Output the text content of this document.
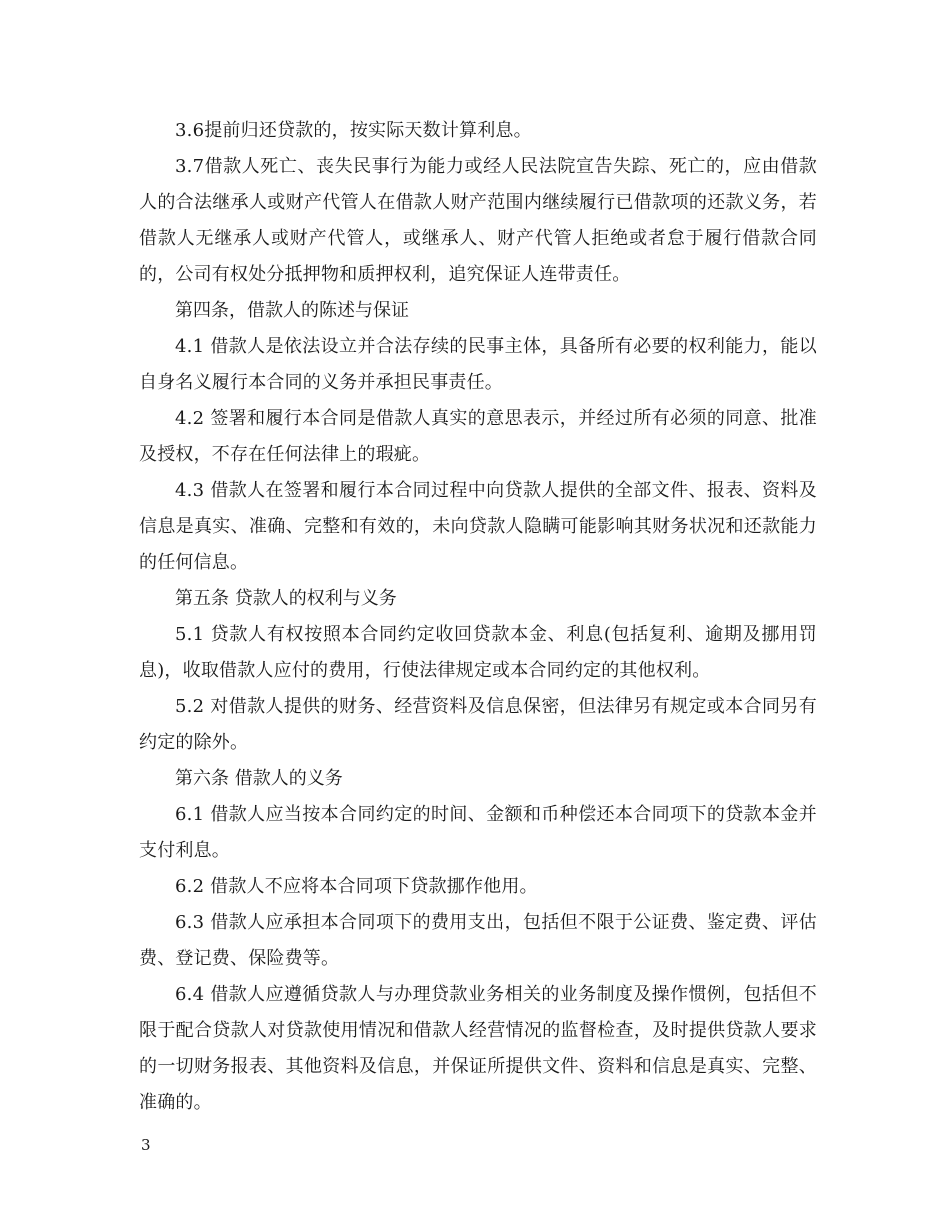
3.6提前归还贷款的，按实际天数计算利息。

3.7借款人死亡、丧失民事行为能力或经人民法院宣告失踪、死亡的，应由借款人的合法继承人或财产代管人在借款人财产范围内继续履行已借款项的还款义务，若借款人无继承人或财产代管人，或继承人、财产代管人拒绝或者怠于履行借款合同的，公司有权处分抵押物和质押权利，追究保证人连带责任。

第四条，借款人的陈述与保证

4.1 借款人是依法设立并合法存续的民事主体，具备所有必要的权利能力，能以自身名义履行本合同的义务并承担民事责任。

4.2 签署和履行本合同是借款人真实的意思表示，并经过所有必须的同意、批准及授权，不存在任何法律上的瑕疵。

4.3 借款人在签署和履行本合同过程中向贷款人提供的全部文件、报表、资料及信息是真实、准确、完整和有效的，未向贷款人隐瞒可能影响其财务状况和还款能力的任何信息。

第五条 贷款人的权利与义务

5.1 贷款人有权按照本合同约定收回贷款本金、利息(包括复利、逾期及挪用罚息)，收取借款人应付的费用，行使法律规定或本合同约定的其他权利。

5.2 对借款人提供的财务、经营资料及信息保密，但法律另有规定或本合同另有约定的除外。

第六条 借款人的义务

6.1 借款人应当按本合同约定的时间、金额和币种偿还本合同项下的贷款本金并支付利息。

6.2 借款人不应将本合同项下贷款挪作他用。

6.3 借款人应承担本合同项下的费用支出，包括但不限于公证费、鉴定费、评估费、登记费、保险费等。

6.4 借款人应遵循贷款人与办理贷款业务相关的业务制度及操作惯例，包括但不限于配合贷款人对贷款使用情况和借款人经营情况的监督检查，及时提供贷款人要求的一切财务报表、其他资料及信息，并保证所提供文件、资料和信息是真实、完整、准确的。

3
